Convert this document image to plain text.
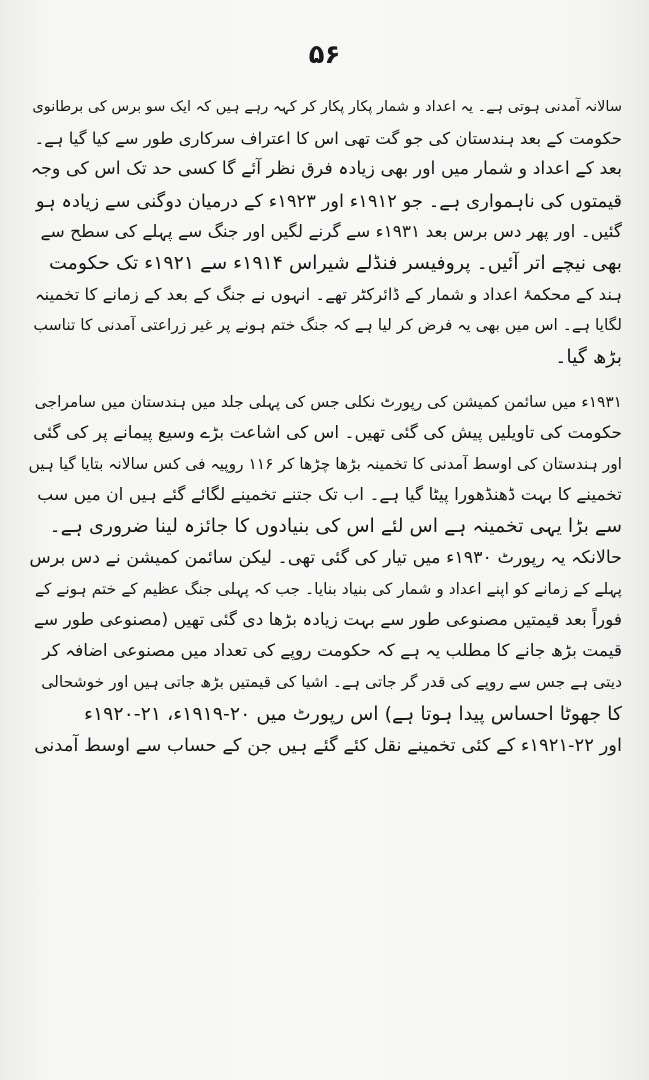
۵۶
سالانہ آمدنی ہوتی ہے۔ یہ اعداد و شمار پکار پکار کر کہہ رہے ہیں کہ ایک سو برس کی برطانوی
حکومت کے بعد ہندستان کی جو گت تھی اس کا اعتراف سرکاری طور سے کیا گیا ہے۔
بعد کے اعداد و شمار میں اور بھی زیادہ فرق نظر آئے گا کسی حد تک اس کی وجہ
قیمتوں کی ناہمواری ہے۔ جو ۱۹۱۲ء اور ۱۹۲۳ء کے درمیان دوگنی سے زیادہ ہو
گئیں۔ اور پھر دس برس بعد ۱۹۳۱ء سے گرنے لگیں اور جنگ سے پہلے کی سطح سے
بھی نیچے اتر آئیں۔ پروفیسر فنڈلے شیراس ۱۹۱۴ء سے ۱۹۲۱ء تک حکومت
ہند کے محکمۂ اعداد و شمار کے ڈائرکٹر تھے۔ انہوں نے جنگ کے بعد کے زمانے کا تخمینہ
لگایا ہے۔ اس میں بھی یہ فرض کر لیا ہے کہ جنگ ختم ہونے پر غیر زراعتی آمدنی کا تناسب
بڑھ گیا۔
۱۹۳۱ء میں سائمن کمیشن کی رپورٹ نکلی جس کی پہلی جلد میں ہندستان میں سامراجی
حکومت کی تاویلیں پیش کی گئی تھیں۔ اس کی اشاعت بڑے وسیع پیمانے پر کی گئی
اور ہندستان کی اوسط آمدنی کا تخمینہ بڑھا چڑھا کر ۱۱۶ روپیہ فی کس سالانہ بتایا گیا ہیں
تخمینے کا بہت ڈھنڈھورا پیٹا گیا ہے۔ اب تک جتنے تخمینے لگائے گئے ہیں ان میں سب
سے بڑا یہی تخمینہ ہے اس لئے اس کی بنیادوں کا جائزہ لینا ضروری ہے۔
حالانکہ یہ رپورٹ ۱۹۳۰ء میں تیار کی گئی تھی۔ لیکن سائمن کمیشن نے دس برس
پہلے کے زمانے کو اپنے اعداد و شمار کی بنیاد بنایا۔ جب کہ پہلی جنگ عظیم کے ختم ہونے کے
فوراً بعد قیمتیں مصنوعی طور سے بہت زیادہ بڑھا دی گئی تھیں (مصنوعی طور سے
قیمت بڑھ جانے کا مطلب یہ ہے کہ حکومت روپے کی تعداد میں مصنوعی اضافہ کر
دیتی ہے جس سے روپے کی قدر گر جاتی ہے۔ اشیا کی قیمتیں بڑھ جاتی ہیں اور خوشحالی
کا جھوٹا احساس پیدا ہوتا ہے) اس رپورٹ میں ۲۰-۱۹۱۹ء، ۲۱-۱۹۲۰ء
اور ۲۲-۱۹۲۱ء کے کئی تخمینے نقل کئے گئے ہیں جن کے حساب سے اوسط آمدنی
